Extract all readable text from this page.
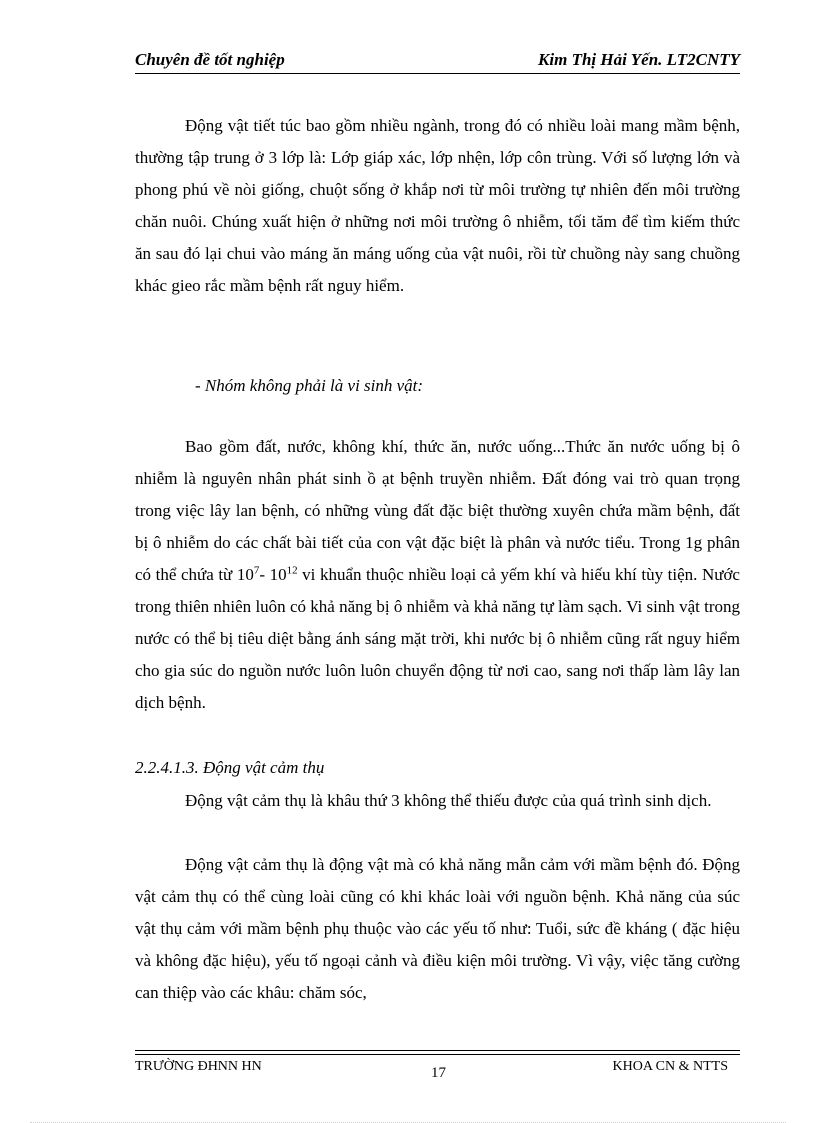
Chuyên đề tốt nghiệp	Kim Thị Hải Yến. LT2CNTY

Động vật tiết túc bao gồm nhiều ngành, trong đó có nhiều loài mang mầm bệnh, thường tập trung ở 3 lớp là: Lớp giáp xác, lớp nhện, lớp côn trùng. Với số lượng lớn và phong phú về nòi giống, chuột sống ở khắp nơi từ môi trường tự nhiên đến môi trường chăn nuôi. Chúng xuất hiện ở những nơi môi trường ô nhiễm, tối tăm để tìm kiếm thức ăn sau đó lại chui vào máng ăn máng uống của vật nuôi, rồi từ chuồng này sang chuồng khác gieo rắc mầm bệnh rất nguy hiểm.

- Nhóm không phải là vi sinh vật:

Bao gồm đất, nước, không khí, thức ăn, nước uống...Thức ăn nước uống bị ô nhiễm là nguyên nhân phát sinh ồ ạt bệnh truyền nhiễm. Đất đóng vai trò quan trọng trong việc lây lan bệnh, có những vùng đất đặc biệt thường xuyên chứa mầm bệnh, đất bị ô nhiễm do các chất bài tiết của con vật đặc biệt là phân và nước tiểu. Trong 1g phân có thể chứa từ $10^7-$ $10^{12}$ vi khuẩn thuộc nhiều loại cả yếm khí và hiếu khí tùy tiện. Nước trong thiên nhiên luôn có khả năng bị ô nhiễm và khả năng tự làm sạch. Vi sinh vật trong nước có thể bị tiêu diệt bằng ánh sáng mặt trời, khi nước bị ô nhiễm cũng rất nguy hiểm cho gia súc do nguồn nước luôn luôn chuyển động từ nơi cao, sang nơi thấp làm lây lan dịch bệnh.

2.2.4.1.3. Động vật cảm thụ

Động vật cảm thụ là khâu thứ 3 không thể thiếu được của quá trình sinh dịch.

Động vật cảm thụ là động vật mà có khả năng mẫn cảm với mầm bệnh đó. Động vật cảm thụ có thể cùng loài cũng có khi khác loài với nguồn bệnh. Khả năng của súc vật thụ cảm với mầm bệnh phụ thuộc vào các yếu tố như: Tuổi, sức đề kháng ( đặc hiệu và không đặc hiệu), yếu tố ngoại cảnh và điều kiện môi trường. Vì vậy, việc tăng cường can thiệp vào các khâu: chăm sóc,

TRƯỜNG ĐHNN HN	17	KHOA CN & NTTS
